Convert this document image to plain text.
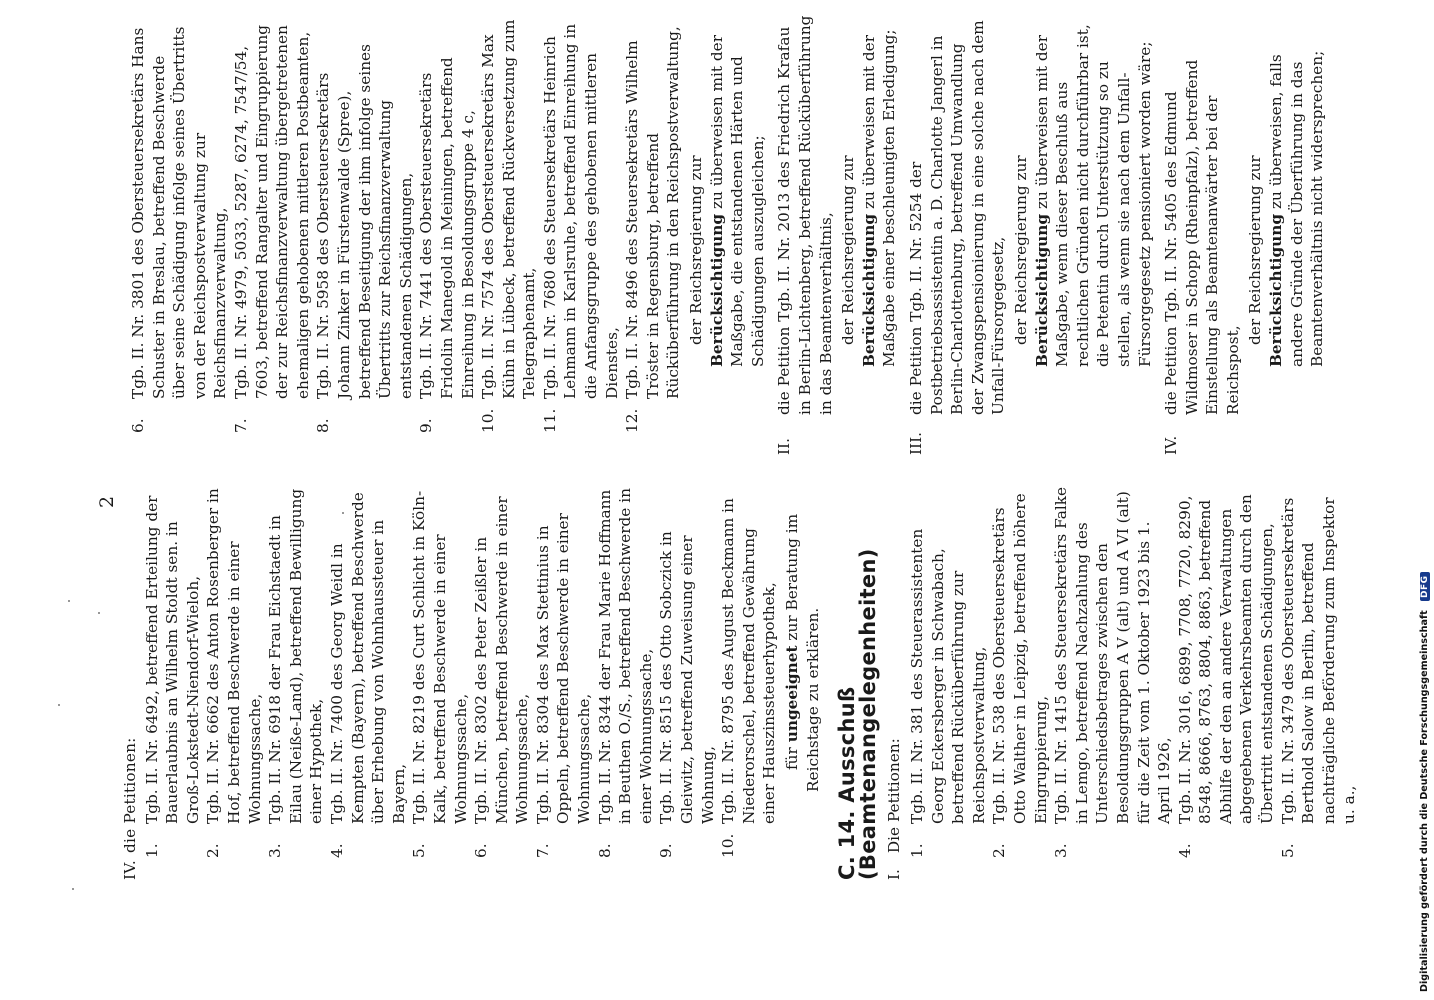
2
IV. die Petitionen: 1.
Tgb. II. Nr. 6492, betreffend Erteilung der Bauerlaubnis an Wilhelm Stoldt sen. in Groß-Lokstedt-Niendorf-Wieloh,
2.
Tgb. II. Nr. 6662 des Anton Rosenberger in Hof, betreffend Beschwerde in einer Wohnungssache,
3.
Tgb. II. Nr. 6918 der Frau Eichstaedt in Eilau (Neiße-Land), betreffend Bewilligung einer Hypothek,
4.
Tgb. II. Nr. 7400 des Georg Weidl in Kempten (Bayern), betreffend Beschwerde über Erhebung von Wohnhaussteuer in Bayern,
5.
Tgb. II. Nr. 8219 des Curt Schlicht in Köln-Kalk, betreffend Beschwerde in einer Wohnungssache,
6.
Tgb. II. Nr. 8302 des Peter Zeißler in München, betreffend Beschwerde in einer Wohnungssache,
7.
Tgb. II. Nr. 8304 des Max Stettinius in Oppeln, betreffend Beschwerde in einer Wohnungssache,
8.
Tgb. II. Nr. 8344 der Frau Marie Hoffmann in Beuthen O./S., betreffend Beschwerde in einer Wohnungssache,
9.
Tgb. II. Nr. 8515 des Otto Sobczick in Gleiwitz, betreffend Zuweisung einer Wohnung,
10.
Tgb. II. Nr. 8795 des August Beckmann in Niederorschel, betreffend Gewährung einer Hauszinssteuerhypothek, für ungeeignet zur Beratung im Reichstage zu erklären. C. 14. Ausschuß (Beamtenangelegenheiten) I. Die Petitionen: 1.
Tgb. II. Nr. 381 des Steuerassistenten Georg Eckersberger in Schwabach, betreffend Rücküberführung zur Reichspostverwaltung,
2.
Tgb. II. Nr. 538 des Obersteuersekretärs Otto Walther in Leipzig, betreffend höhere Eingruppierung,
3.
Tgb. II. Nr. 1415 des Steuersekretärs Falke in Lemgo, betreffend Nachzahlung des Unterschiedsbetrages zwischen den Besoldungsgruppen A V (alt) und A VI (alt) für die Zeit vom 1. Oktober 1923 bis 1. April 1926,
4.
Tgb. II. Nr. 3016, 6899, 7708, 7720, 8290, 8548, 8666, 8763, 8804, 8863, betreffend Abhilfe der den an andere Verwaltungen abgegebenen Verkehrsbeamten durch den Übertritt entstandenen Schädigungen,
5.
Tgb. II. Nr. 3479 des Obersteuersekretärs Berthold Salow in Berlin, betreffend nachträgliche Beförderung zum Inspektor u. a.,
6.
Tgb. II. Nr. 3801 des Obersteuersekretärs Hans Schuster in Breslau, betreffend Beschwerde über seine Schädigung infolge seines Übertritts von der Reichspostverwaltung zur Reichsfinanzverwaltung,
7.
Tgb. II. Nr. 4979, 5033, 5287, 6274, 7547/54, 7603, betreffend Rangalter und Eingruppierung der zur Reichsfinanzverwaltung übergetretenen ehemaligen gehobenen mittleren Postbeamten,
8.
Tgb. II. Nr. 5958 des Obersteuersekretärs Johann Zinker in Fürstenwalde (Spree), betreffend Beseitigung der ihm infolge seines Übertritts zur Reichsfinanzverwaltung entstandenen Schädigungen,
9.
Tgb. II. Nr. 7441 des Obersteuersekretärs Fridolin Manegold in Meiningen, betreffend Einreihung in Besoldungsgruppe 4 c,
10.
Tgb. II. Nr. 7574 des Obersteuersekretärs Max Kühn in Lübeck, betreffend Rückversetzung zum Telegraphenamt,
11.
Tgb. II. Nr. 7680 des Steuersekretärs Heinrich Lehmann in Karlsruhe, betreffend Einreihung in die Anfangsgruppe des gehobenen mittleren Dienstes,
12.
Tgb. II. Nr. 8496 des Steuersekretärs Wilhelm Tröster in Regensburg, betreffend Rücküberführung in den Reichspostverwaltung, der Reichsregierung zur Berücksichtigung zu überweisen mit der Maßgabe, die entstandenen Härten und Schädigungen auszugleichen;
II.
die Petition Tgb. II. Nr. 2013 des Friedrich Krafau in Berlin-Lichtenberg, betreffend Rücküberführung in das Beamtenverhältnis, der Reichsregierung zur Berücksichtigung zu überweisen mit der Maßgabe einer beschleunigten Erledigung;
III.
die Petition Tgb. II. Nr. 5254 der Postbetriebsassistentin a. D. Charlotte Jangerl in Berlin-Charlottenburg, betreffend Umwandlung der Zwangspensionierung in eine solche nach dem Unfall-Fürsorgegesetz, der Reichsregierung zur Berücksichtigung zu überweisen mit der Maßgabe, wenn dieser Beschluß aus rechtlichen Gründen nicht durchführbar ist, die Petentin durch Unterstützung so zu stellen, als wenn sie nach dem Unfall-Fürsorgegesetz pensioniert worden wäre;
IV.
die Petition Tgb. II. Nr. 5405 des Edmund Wildmoser in Schopp (Rheinpfalz), betreffend Einstellung als Beamtenanwärter bei der Reichspost,
der Reichsregierung zur Berücksichtigung zu überweisen, falls andere Gründe der Überführung in das Beamtenverhältnis nicht widersprechen;
Digitalisierung gefördert durch die Deutsche Forschungsgemeinschaft DFG
